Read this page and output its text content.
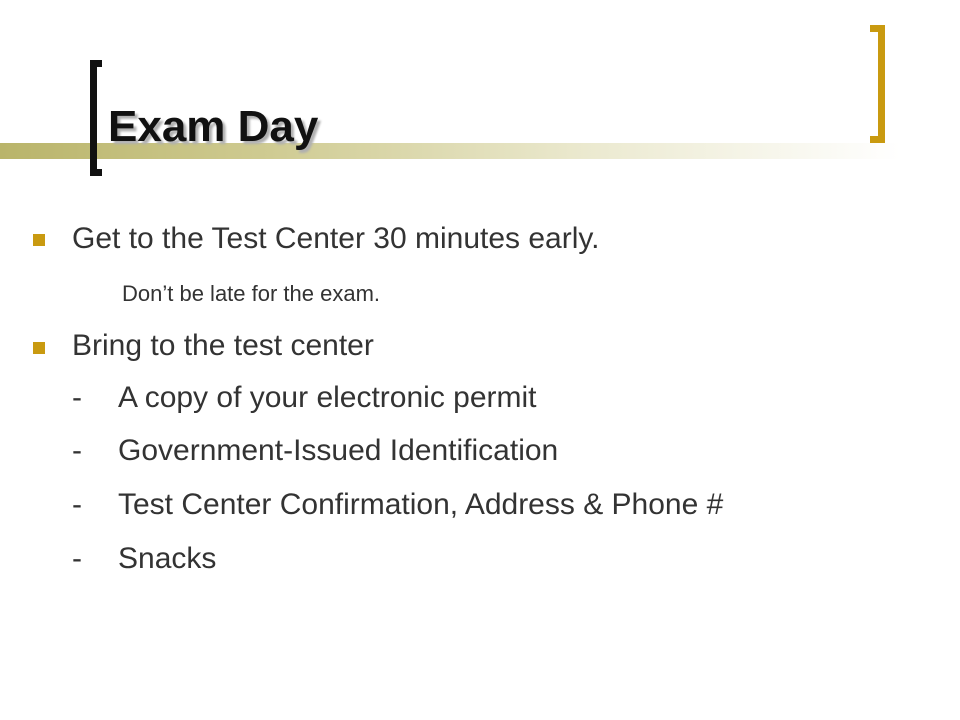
Exam Day

Get to the Test Center 30 minutes early.

Don’t be late for the exam.

Bring to the test center

- A copy of your electronic permit

- Government-Issued Identification

- Test Center Confirmation, Address & Phone #

- Snacks
